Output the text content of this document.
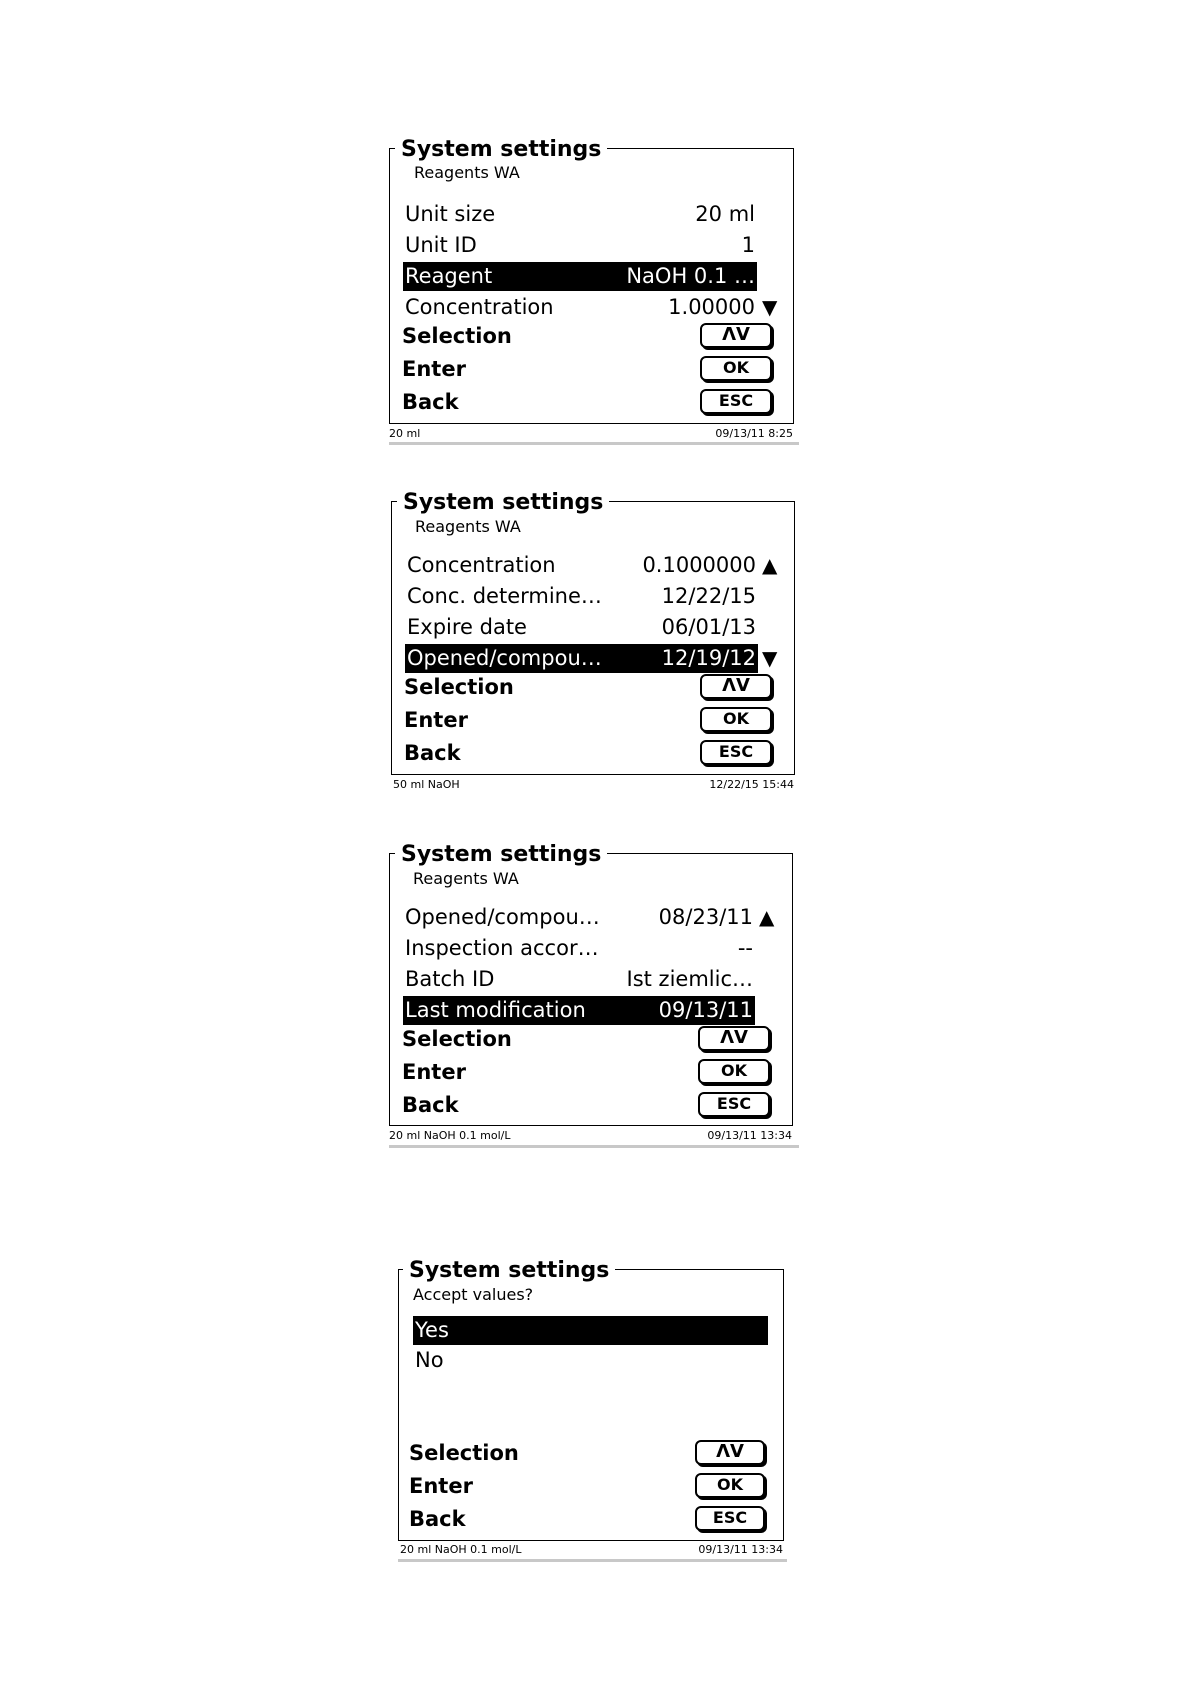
System settings
Reagents WA
Unit size	20 ml
Unit ID	1
Reagent	NaOH 0.1 …
Concentration	1.00000 ▼
Selection	ΛV
Enter	OK
Back	ESC
20 ml	09/13/11 8:25
System settings
Reagents WA
▲
Concentration	0.1000000
Conc. determine…	12/22/15
Expire date	06/01/13
Opened/compou…	12/19/12 ▼
Selection	ΛV
Enter	OK
Back	ESC
50 ml NaOH	12/22/15 15:44
System settings
Reagents WA
Opened/compou…	08/23/11 ▲
Inspection accor…	--
Batch ID	Ist ziemlic…
Last modification	09/13/11
Selection	ΛV
Enter	OK
Back	ESC
20 ml NaOH 0.1 mol/L	09/13/11 13:34
System settings
Accept values?
Yes
No
Selection	ΛV
Enter	OK
Back	ESC
20 ml NaOH 0.1 mol/L	09/13/11 13:34
